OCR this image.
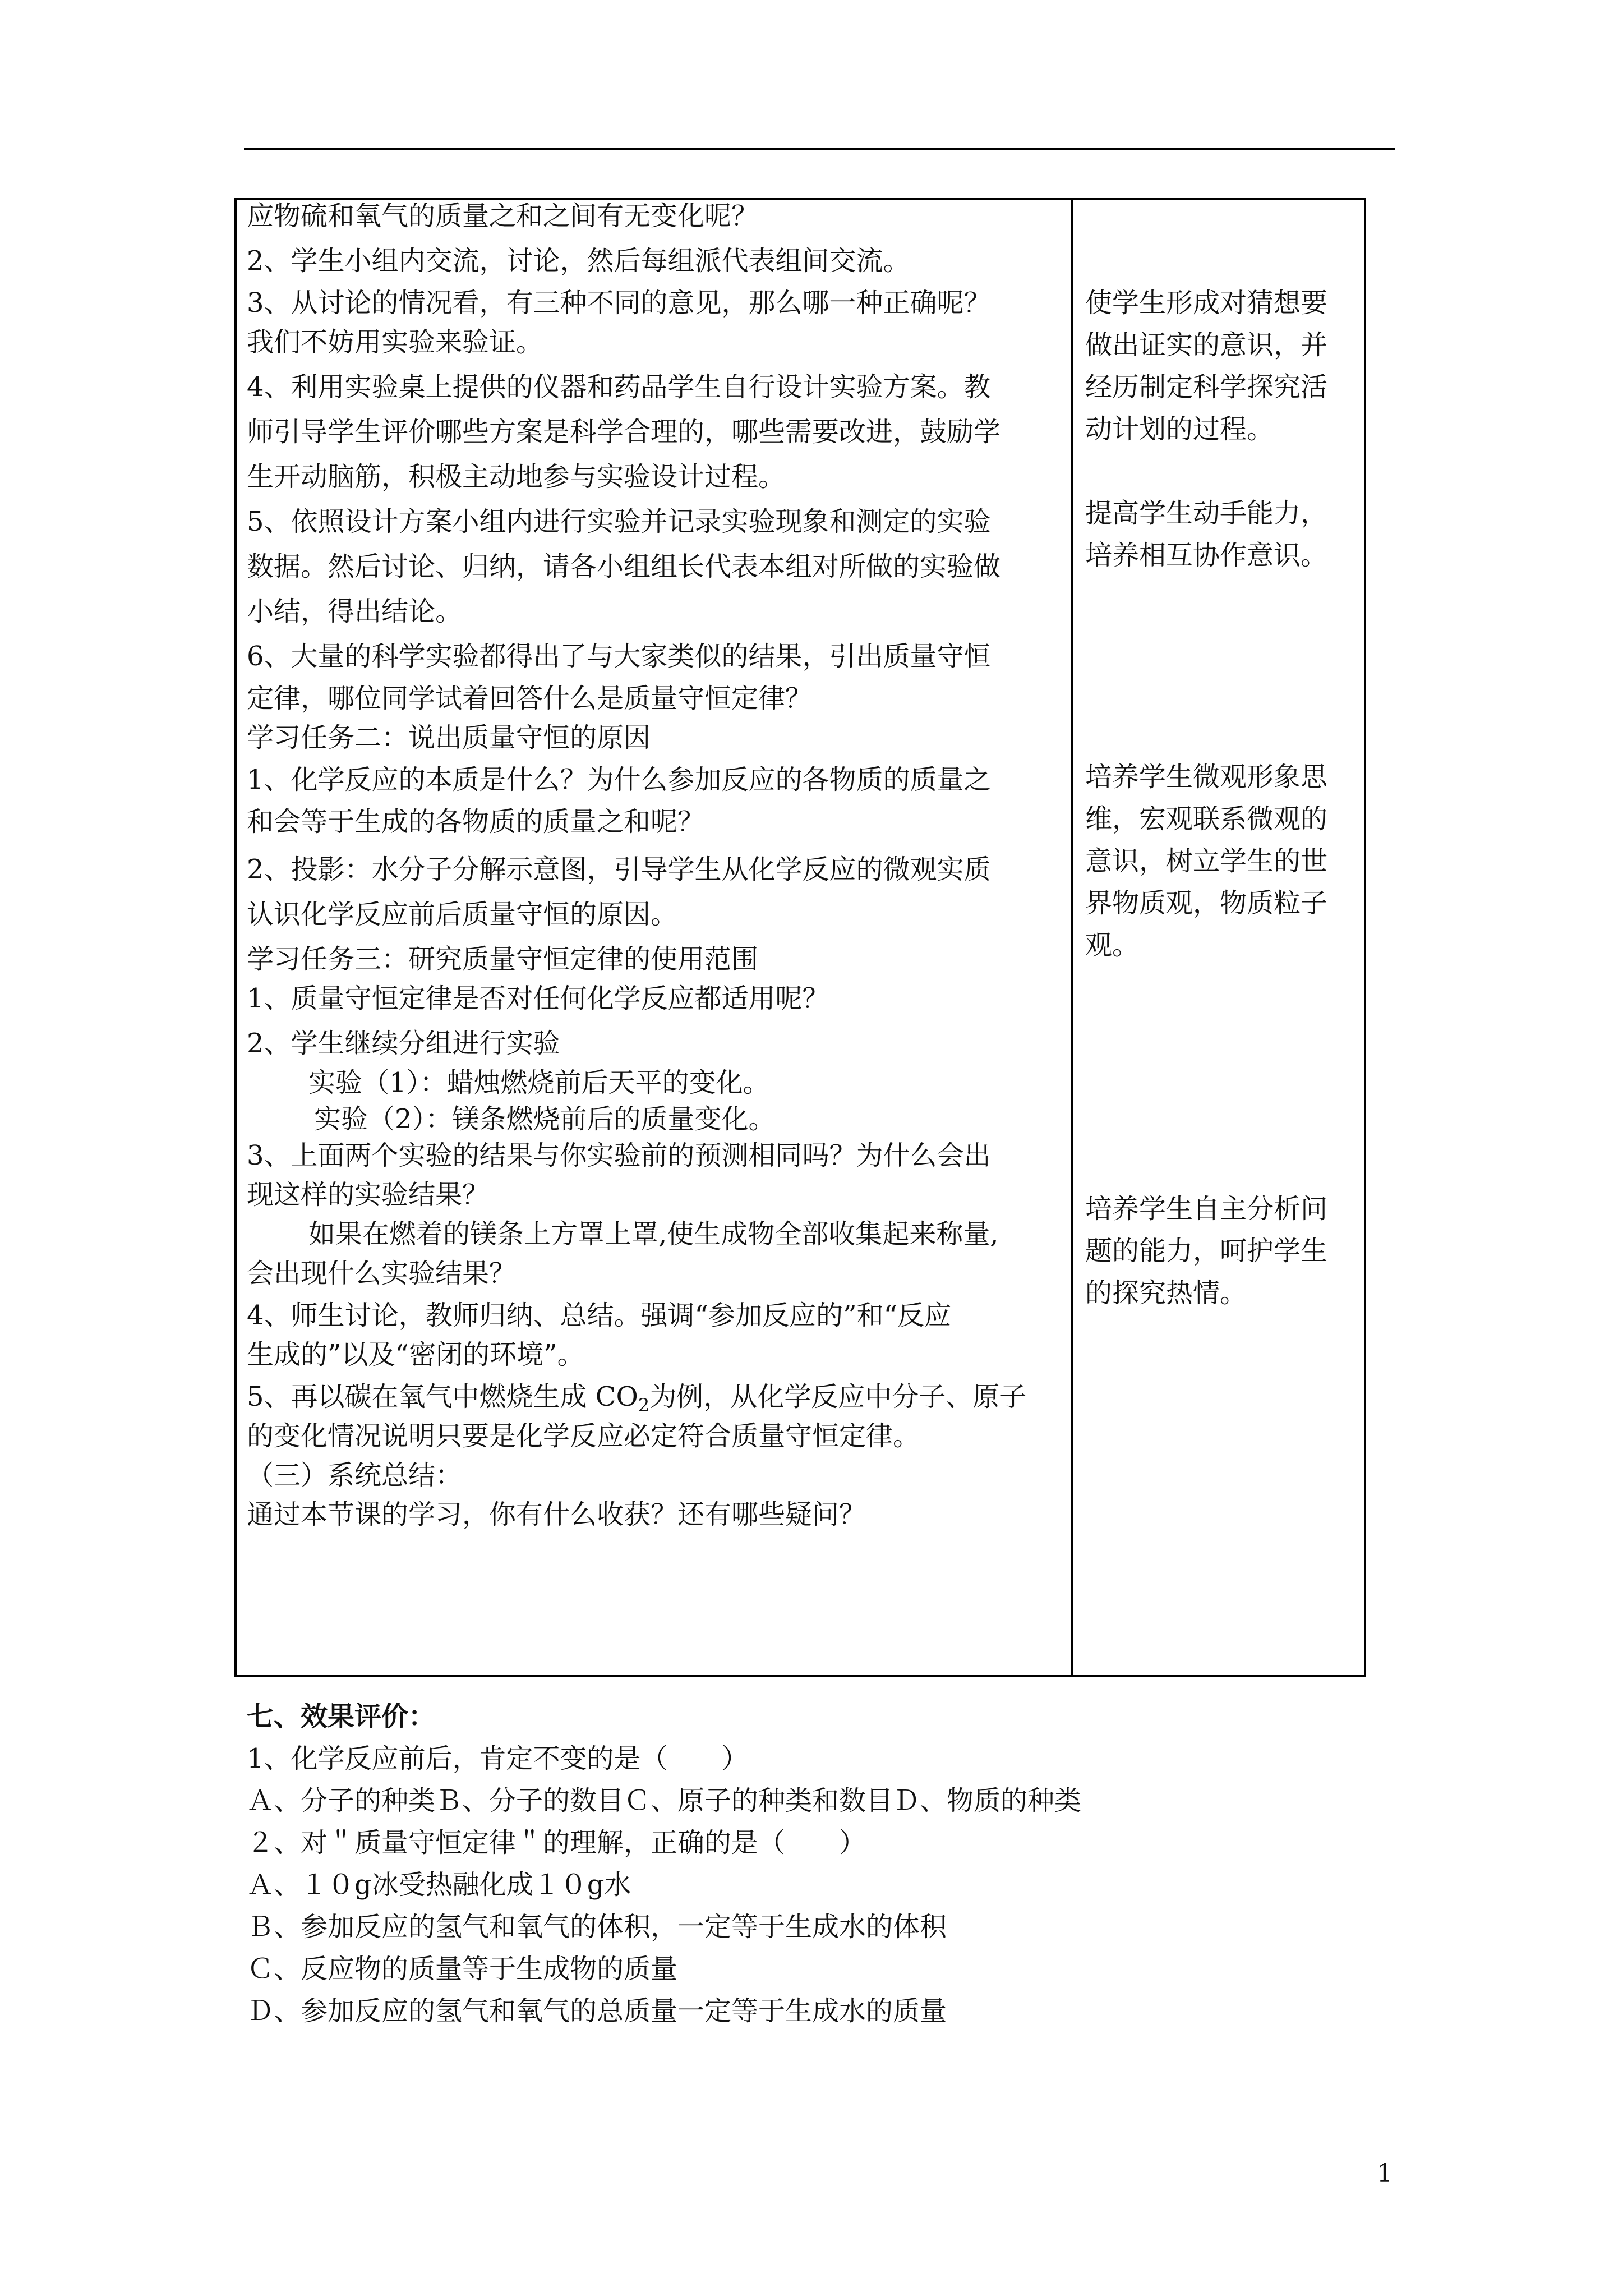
应物硫和氧气的质量之和之间有无变化呢？
2、学生小组内交流，讨论，然后每组派代表组间交流。
3、从讨论的情况看，有三种不同的意见，那么哪一种正确呢？
我们不妨用实验来验证。
4、利用实验桌上提供的仪器和药品学生自行设计实验方案。教
师引导学生评价哪些方案是科学合理的，哪些需要改进，鼓励学
生开动脑筋，积极主动地参与实验设计过程。
5、依照设计方案小组内进行实验并记录实验现象和测定的实验
数据。然后讨论、归纳，请各小组组长代表本组对所做的实验做
小结，得出结论。
6、大量的科学实验都得出了与大家类似的结果，引出质量守恒
定律，哪位同学试着回答什么是质量守恒定律？
学习任务二：说出质量守恒的原因
1、化学反应的本质是什么？为什么参加反应的各物质的质量之
和会等于生成的各物质的质量之和呢？
2、投影：水分子分解示意图，引导学生从化学反应的微观实质
认识化学反应前后质量守恒的原因。
学习任务三：研究质量守恒定律的使用范围
1、质量守恒定律是否对任何化学反应都适用呢？
2、学生继续分组进行实验
实验（1）：蜡烛燃烧前后天平的变化。
实验（2）：镁条燃烧前后的质量变化。
3、上面两个实验的结果与你实验前的预测相同吗？为什么会出
现这样的实验结果？
如果在燃着的镁条上方罩上罩,使生成物全部收集起来称量,
会出现什么实验结果？
4、师生讨论，教师归纳、总结。强调“参加反应的”和“反应
生成的”以及“密闭的环境”。
5、再以碳在氧气中燃烧生成 $CO_2$为例，从化学反应中分子、原子
的变化情况说明只要是化学反应必定符合质量守恒定律。
（三）系统总结：
通过本节课的学习，你有什么收获？还有哪些疑问？
使学生形成对猜想要
做出证实的意识，并
经历制定科学探究活
动计划的过程。
提高学生动手能力，
培养相互协作意识。
培养学生微观形象思
维，宏观联系微观的
意识，树立学生的世
界物质观，物质粒子
观。
培养学生自主分析问
题的能力，呵护学生
的探究热情。
七、效果评价：
1、化学反应前后，肯定不变的是（　　）
Ａ、分子的种类Ｂ、分子的数目Ｃ、原子的种类和数目Ｄ、物质的种类
２、对＂质量守恒定律＂的理解，正确的是（　　）
Ａ、１０g冰受热融化成１０g水
Ｂ、参加反应的氢气和氧气的体积，一定等于生成水的体积
Ｃ、反应物的质量等于生成物的质量
Ｄ、参加反应的氢气和氧气的总质量一定等于生成水的质量
1
